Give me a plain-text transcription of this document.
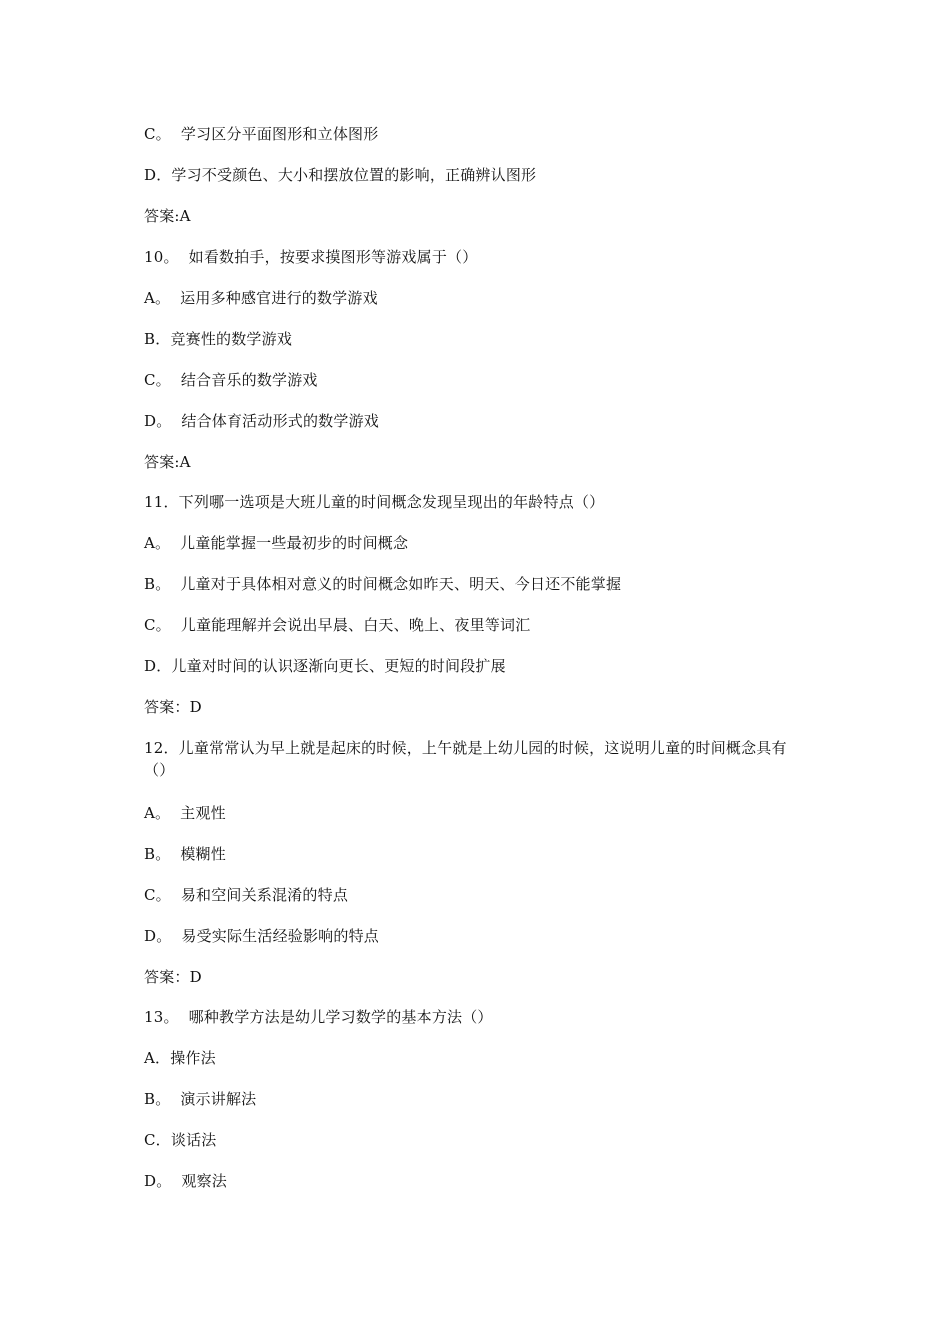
C。  学习区分平面图形和立体图形
D．学习不受颜色、大小和摆放位置的影响，正确辨认图形
答案:A
10。  如看数拍手，按要求摸图形等游戏属于（）
A。  运用多种感官进行的数学游戏
B．竞赛性的数学游戏
C。  结合音乐的数学游戏
D。  结合体育活动形式的数学游戏
答案:A
11．下列哪一选项是大班儿童的时间概念发现呈现出的年龄特点（）
A。  儿童能掌握一些最初步的时间概念
B。  儿童对于具体相对意义的时间概念如昨天、明天、今日还不能掌握
C。  儿童能理解并会说出早晨、白天、晚上、夜里等词汇
D．儿童对时间的认识逐渐向更长、更短的时间段扩展
答案：D
12．儿童常常认为早上就是起床的时候，上午就是上幼儿园的时候，这说明儿童的时间概念具有（）
A。  主观性
B。  模糊性
C。  易和空间关系混淆的特点
D。  易受实际生活经验影响的特点
答案：D
13。  哪种教学方法是幼儿学习数学的基本方法（）
A．操作法
B。  演示讲解法
C．谈话法
D。  观察法
